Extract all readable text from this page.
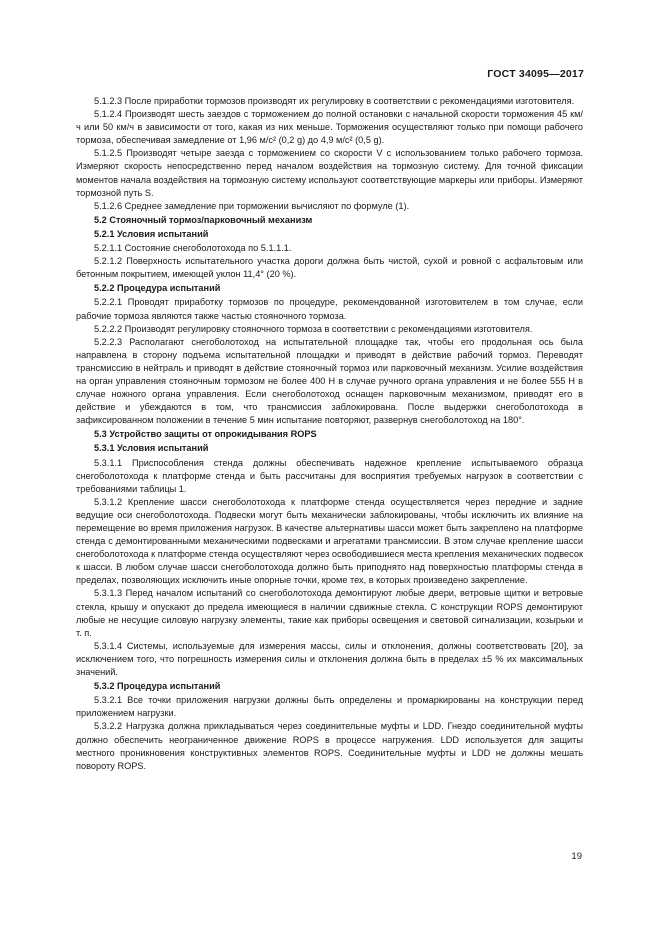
ГОСТ 34095—2017

5.1.2.3 После приработки тормозов производят их регулировку в соответствии с рекомендациями изготовителя.

5.1.2.4 Производят шесть заездов с торможением до полной остановки с начальной скорости торможения 45 км/ч или 50 км/ч в зависимости от того, какая из них меньше. Торможения осуществляют только при помощи рабочего тормоза, обеспечивая замедление от 1,96 м/с² (0,2 g) до 4,9 м/с² (0,5 g).

5.1.2.5 Производят четыре заезда с торможением со скорости V с использованием только рабочего тормоза. Измеряют скорость непосредственно перед началом воздействия на тормозную систему. Для точной фиксации моментов начала воздействия на тормозную систему используют соответствующие маркеры или приборы. Измеряют тормозной путь S.

5.1.2.6 Среднее замедление при торможении вычисляют по формуле (1).

5.2 Стояночный тормоз/парковочный механизм

5.2.1 Условия испытаний

5.2.1.1 Состояние снегоболотохода по 5.1.1.1.

5.2.1.2 Поверхность испытательного участка дороги должна быть чистой, сухой и ровной с асфальтовым или бетонным покрытием, имеющей уклон 11,4° (20 %).

5.2.2 Процедура испытаний

5.2.2.1 Проводят приработку тормозов по процедуре, рекомендованной изготовителем в том случае, если рабочие тормоза являются также частью стояночного тормоза.

5.2.2.2 Производят регулировку стояночного тормоза в соответствии с рекомендациями изготовителя.

5.2.2.3 Располагают снегоболотоход на испытательной площадке так, чтобы его продольная ось была направлена в сторону подъема испытательной площадки и приводят в действие рабочий тормоз. Переводят трансмиссию в нейтраль и приводят в действие стояночный тормоз или парковочный механизм. Усилие воздействия на орган управления стояночным тормозом не более 400 Н в случае ручного органа управления и не более 555 Н в случае ножного органа управления. Если снегоболотоход оснащен парковочным механизмом, приводят его в действие и убеждаются в том, что трансмиссия заблокирована. После выдержки снегоболотохода в зафиксированном положении в течение 5 мин испытание повторяют, развернув снегоболотоход на 180°.

5.3 Устройство защиты от опрокидывания ROPS

5.3.1 Условия испытаний

5.3.1.1 Приспособления стенда должны обеспечивать надежное крепление испытываемого образца снегоболотохода к платформе стенда и быть рассчитаны для восприятия требуемых нагрузок в соответствии с требованиями таблицы 1.

5.3.1.2 Крепление шасси снегоболотохода к платформе стенда осуществляется через передние и задние ведущие оси снегоболотохода. Подвески могут быть механически заблокированы, чтобы исключить их влияние на перемещение во время приложения нагрузок. В качестве альтернативы шасси может быть закреплено на платформе стенда с демонтированными механическими подвесками и агрегатами трансмиссии. В этом случае крепление шасси снегоболотохода к платформе стенда осуществляют через освободившиеся места крепления механических подвесок к шасси. В любом случае шасси снегоболотохода должно быть приподнято над поверхностью платформы стенда в пределах, позволяющих исключить иные опорные точки, кроме тех, в которых произведено закрепление.

5.3.1.3 Перед началом испытаний со снегоболотохода демонтируют любые двери, ветровые щитки и ветровые стекла, крышу и опускают до предела имеющиеся в наличии сдвижные стекла. С конструкции ROPS демонтируют любые не несущие силовую нагрузку элементы, такие как приборы освещения и световой сигнализации, козырьки и т. п.

5.3.1.4 Системы, используемые для измерения массы, силы и отклонения, должны соответствовать [20], за исключением того, что погрешность измерения силы и отклонения должна быть в пределах ±5 % их максимальных значений.

5.3.2 Процедура испытаний

5.3.2.1 Все точки приложения нагрузки должны быть определены и промаркированы на конструкции перед приложением нагрузки.

5.3.2.2 Нагрузка должна прикладываться через соединительные муфты и LDD. Гнездо соединительной муфты должно обеспечить неограниченное движение ROPS в процессе нагружения. LDD используется для защиты местного проникновения конструктивных элементов ROPS. Соединительные муфты и LDD не должны мешать повороту ROPS.

19
